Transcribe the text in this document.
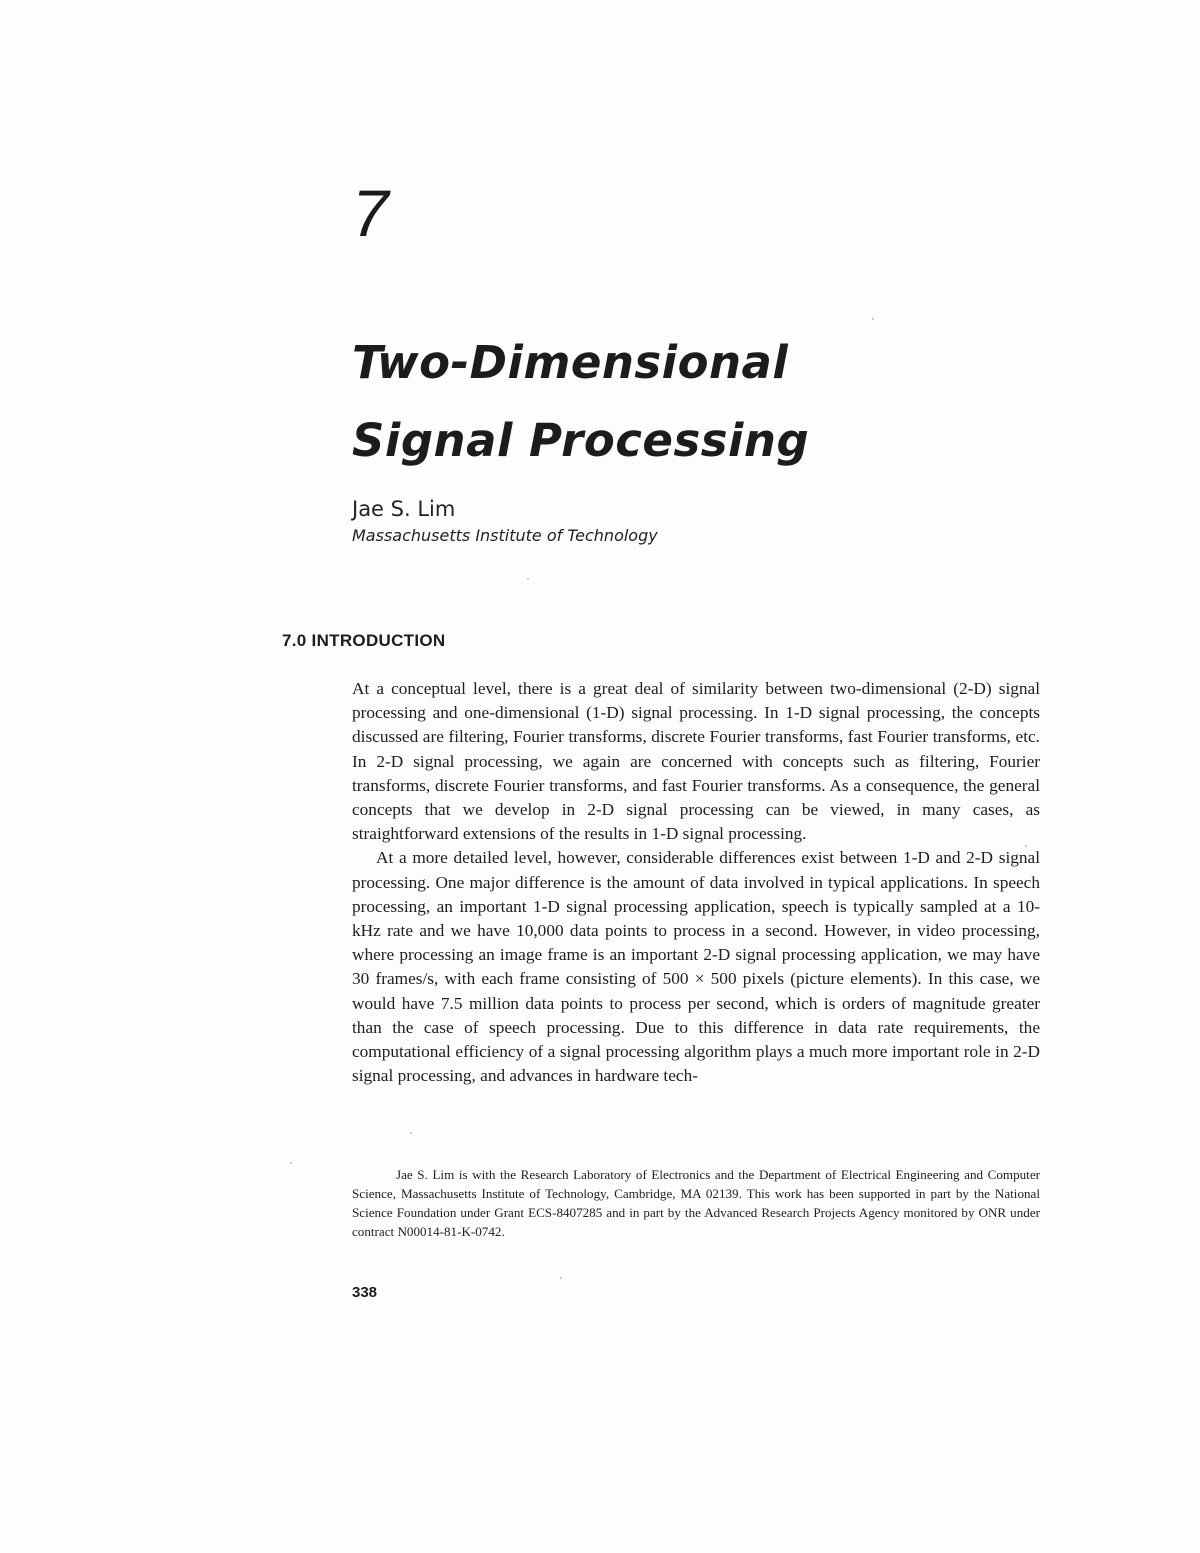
7
Two-Dimensional
Signal Processing
Jae S. Lim
Massachusetts Institute of Technology
7.0 INTRODUCTION

At a conceptual level, there is a great deal of similarity between two-dimensional (2-D) signal processing and one-dimensional (1-D) signal processing. In 1-D signal processing, the concepts discussed are filtering, Fourier transforms, discrete Fourier transforms, fast Fourier transforms, etc. In 2-D signal processing, we again are concerned with concepts such as filtering, Fourier transforms, discrete Fourier transforms, and fast Fourier transforms. As a consequence, the general concepts that we develop in 2-D signal processing can be viewed, in many cases, as straightforward extensions of the results in 1-D signal processing.

At a more detailed level, however, considerable differences exist between 1-D and 2-D signal processing. One major difference is the amount of data involved in typical applications. In speech processing, an important 1-D signal processing application, speech is typically sampled at a 10-kHz rate and we have 10,000 data points to process in a second. However, in video processing, where processing an image frame is an important 2-D signal processing application, we may have 30 frames/s, with each frame consisting of 500 × 500 pixels (picture elements). In this case, we would have 7.5 million data points to process per second, which is orders of magnitude greater than the case of speech processing. Due to this difference in data rate requirements, the computational efficiency of a signal processing algorithm plays a much more important role in 2-D signal processing, and advances in hardware tech-

Jae S. Lim is with the Research Laboratory of Electronics and the Department of Electrical Engineering and Computer Science, Massachusetts Institute of Technology, Cambridge, MA 02139. This work has been supported in part by the National Science Foundation under Grant ECS-8407285 and in part by the Advanced Research Projects Agency monitored by ONR under contract N00014-81-K-0742.
338
